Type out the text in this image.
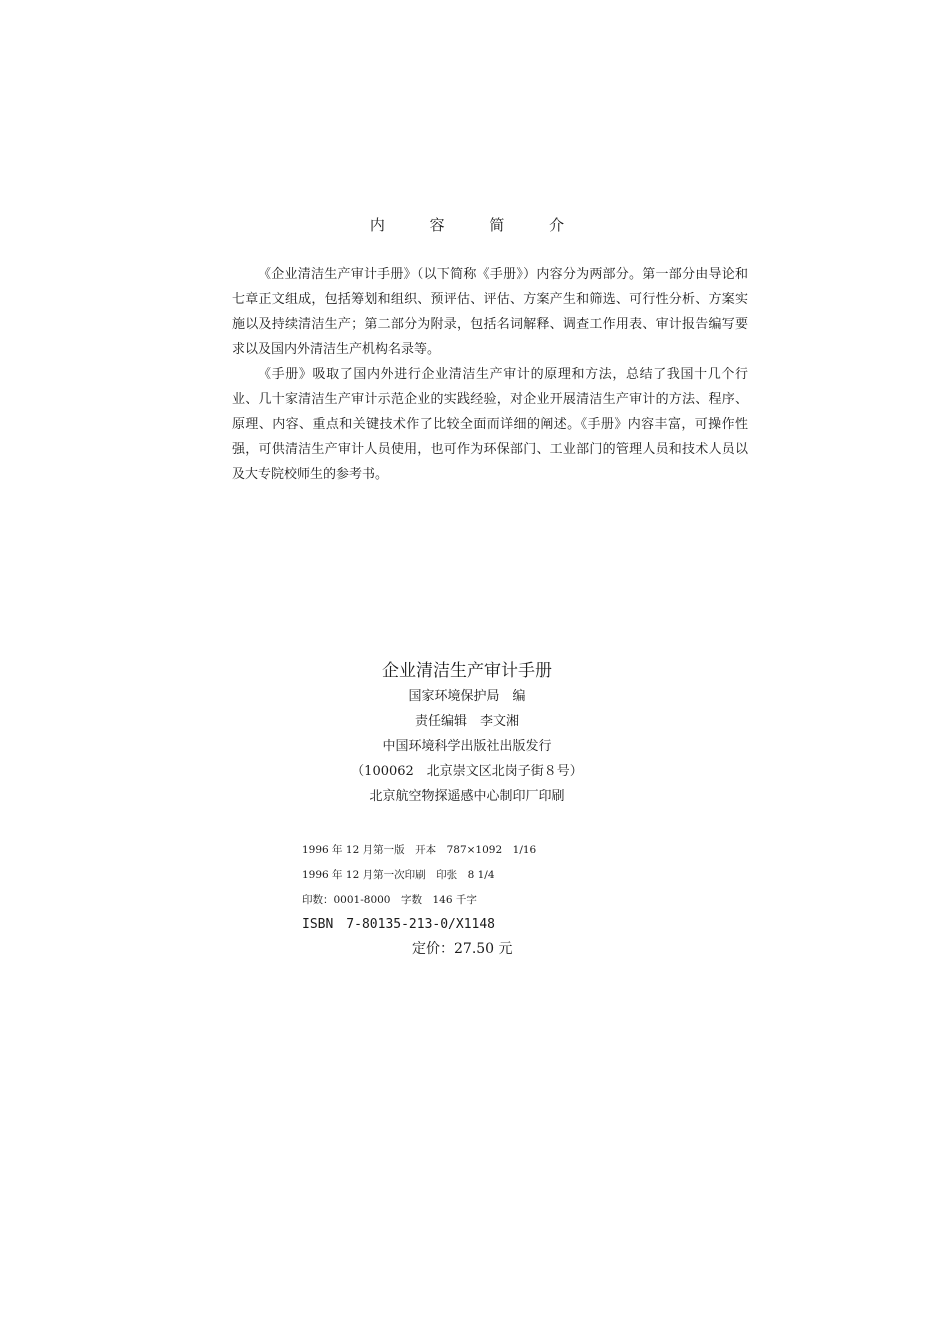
内 容 简 介

《企业清洁生产审计手册》（以下简称《手册》）内容分为两部分。第一部分由导论和七章正文组成，包括筹划和组织、预评估、评估、方案产生和筛选、可行性分析、方案实施以及持续清洁生产；第二部分为附录，包括名词解释、调查工作用表、审计报告编写要求以及国内外清洁生产机构名录等。

《手册》吸取了国内外进行企业清洁生产审计的原理和方法，总结了我国十几个行业、几十家清洁生产审计示范企业的实践经验，对企业开展清洁生产审计的方法、程序、原理、内容、重点和关键技术作了比较全面而详细的阐述。《手册》内容丰富，可操作性强，可供清洁生产审计人员使用，也可作为环保部门、工业部门的管理人员和技术人员以及大专院校师生的参考书。

企业清洁生产审计手册

国家环境保护局　编

责任编辑　李文湘

中国环境科学出版社出版发行

（100062　北京崇文区北岗子街８号）

北京航空物探遥感中心制印厂印刷

1996 年 12 月第一版　开本　787×1092　1/16

1996 年 12 月第一次印刷　印张　8 1/4

印数：0001-8000　字数　146 千字

ISBN　7-80135-213-0/X1148

定价：27.50 元
